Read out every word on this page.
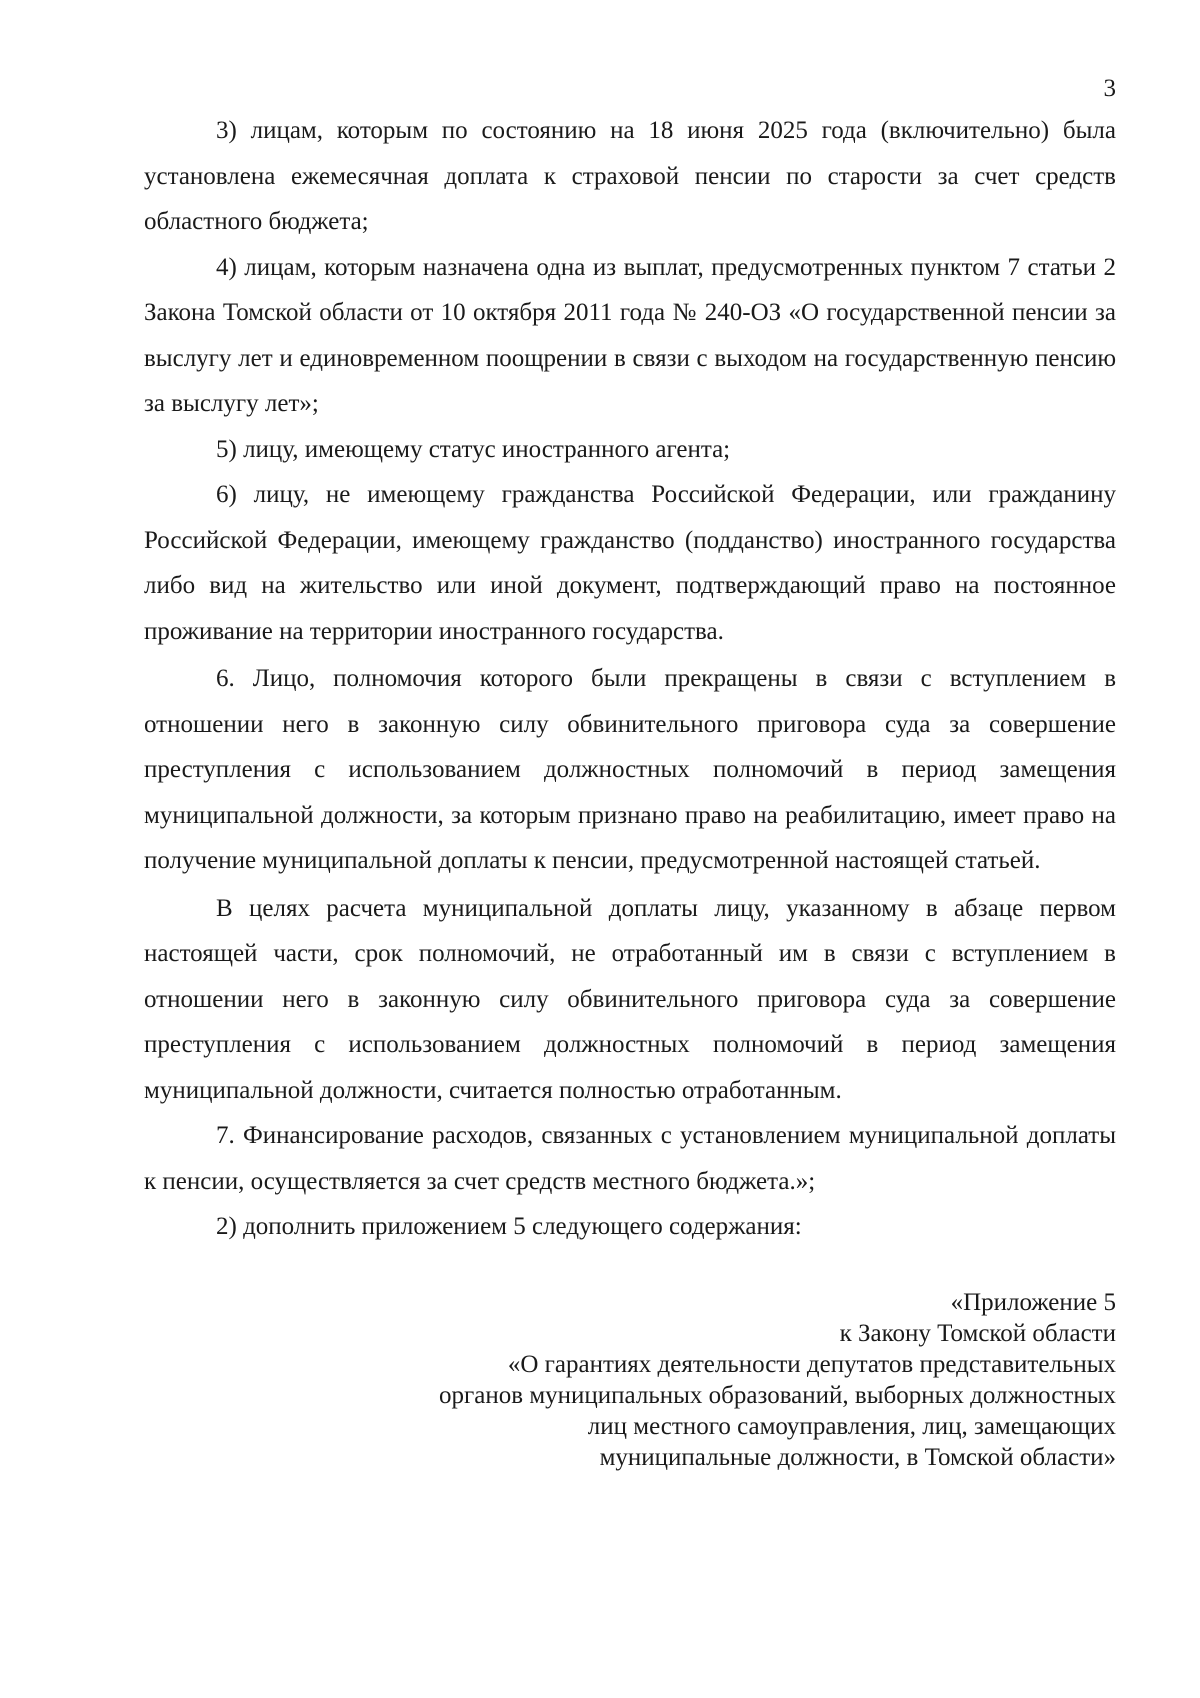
3

3) лицам, которым по состоянию на 18 июня 2025 года (включительно) была установлена ежемесячная доплата к страховой пенсии по старости за счет средств областного бюджета;

4) лицам, которым назначена одна из выплат, предусмотренных пунктом 7 статьи 2 Закона Томской области от 10 октября 2011 года № 240-ОЗ «О государственной пенсии за выслугу лет и единовременном поощрении в связи с выходом на государственную пенсию за выслугу лет»;

5) лицу, имеющему статус иностранного агента;

6) лицу, не имеющему гражданства Российской Федерации, или гражданину Российской Федерации, имеющему гражданство (подданство) иностранного государства либо вид на жительство или иной документ, подтверждающий право на постоянное проживание на территории иностранного государства.

6. Лицо, полномочия которого были прекращены в связи с вступлением в отношении него в законную силу обвинительного приговора суда за совершение преступления с использованием должностных полномочий в период замещения муниципальной должности, за которым признано право на реабилитацию, имеет право на получение муниципальной доплаты к пенсии, предусмотренной настоящей статьей.

В целях расчета муниципальной доплаты лицу, указанному в абзаце первом настоящей части, срок полномочий, не отработанный им в связи с вступлением в отношении него в законную силу обвинительного приговора суда за совершение преступления с использованием должностных полномочий в период замещения муниципальной должности, считается полностью отработанным.

7. Финансирование расходов, связанных с установлением муниципальной доплаты к пенсии, осуществляется за счет средств местного бюджета.»;

2) дополнить приложением 5 следующего содержания:

«Приложение 5
к Закону Томской области
«О гарантиях деятельности депутатов представительных
органов муниципальных образований, выборных должностных
лиц местного самоуправления, лиц, замещающих
муниципальные должности, в Томской области»
